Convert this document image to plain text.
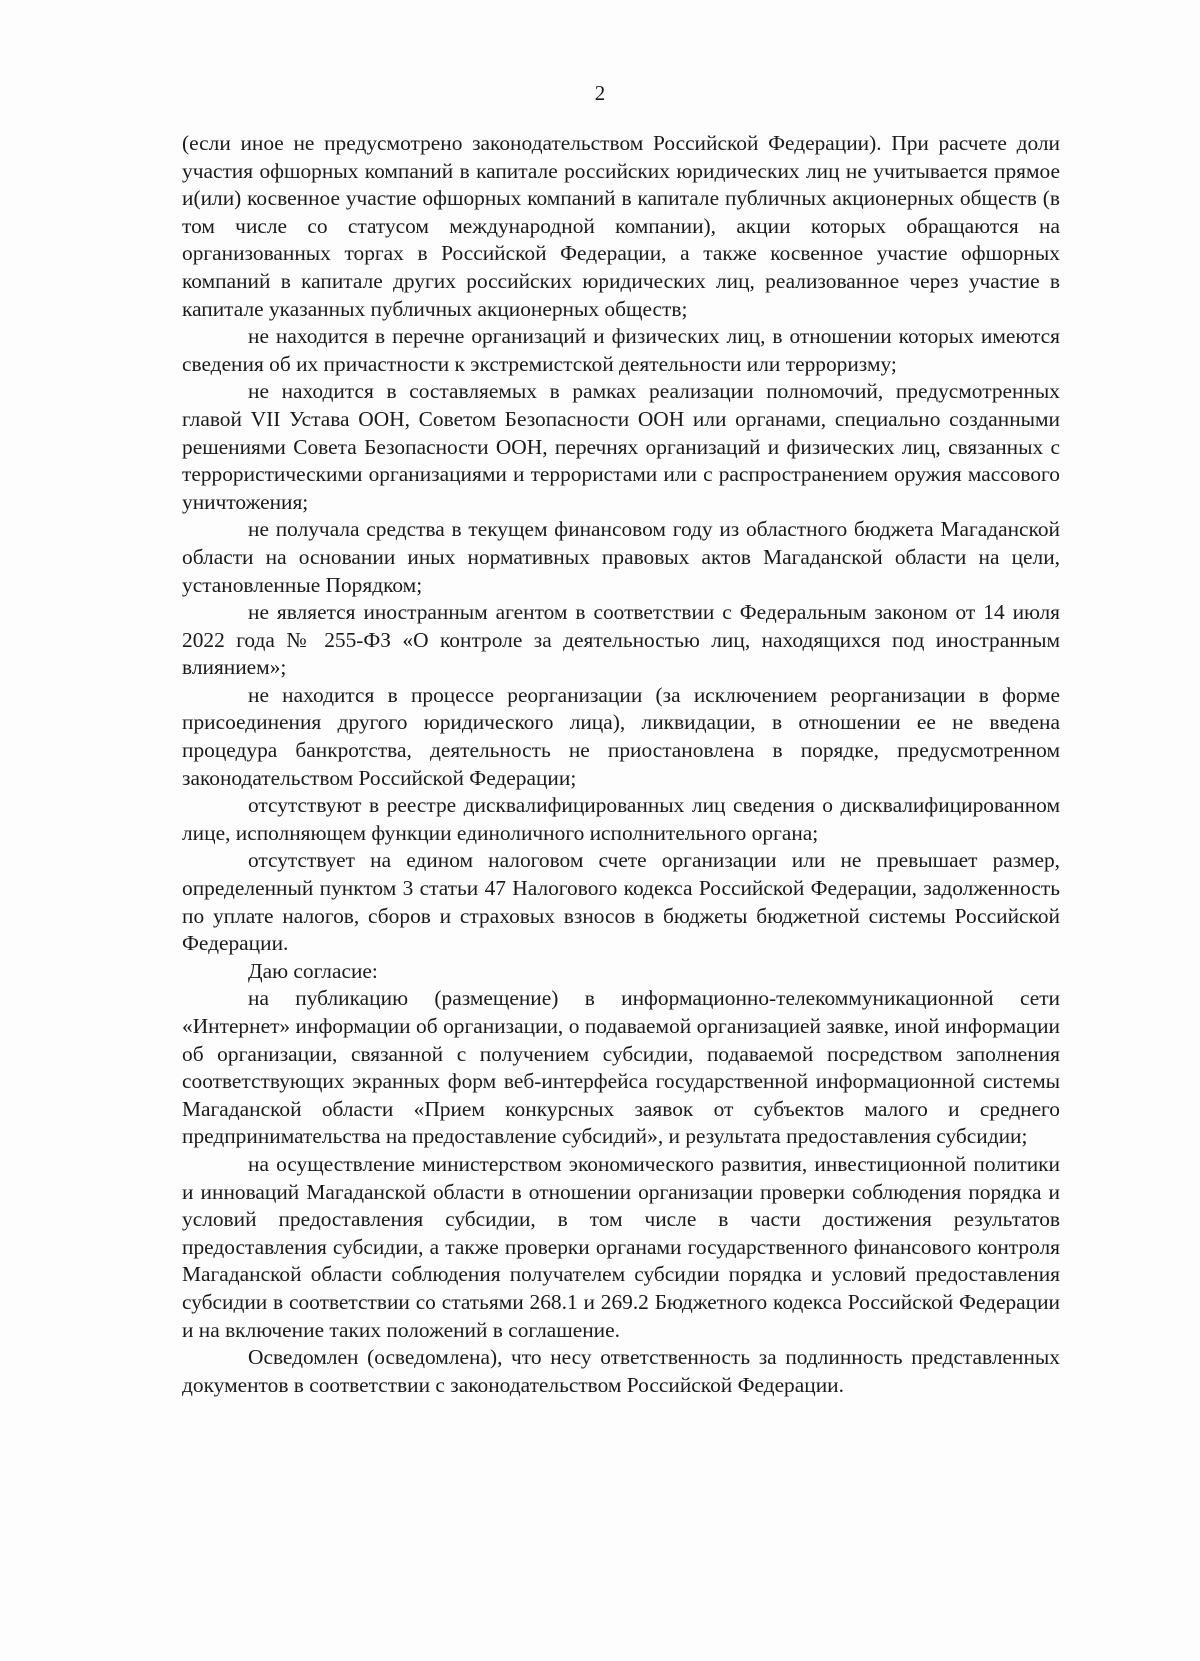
2

(если иное не предусмотрено законодательством Российской Федерации). При расчете доли участия офшорных компаний в капитале российских юридических лиц не учитывается прямое и(или) косвенное участие офшорных компаний в капитале публичных акционерных обществ (в том числе со статусом международной компании), акции которых обращаются на организованных торгах в Российской Федерации, а также косвенное участие офшорных компаний в капитале других российских юридических лиц, реализованное через участие в капитале указанных публичных акционерных обществ;

не находится в перечне организаций и физических лиц, в отношении которых имеются сведения об их причастности к экстремистской деятельности или терроризму;

не находится в составляемых в рамках реализации полномочий, предусмотренных главой VII Устава ООН, Советом Безопасности ООН или органами, специально созданными решениями Совета Безопасности ООН, перечнях организаций и физических лиц, связанных с террористическими организациями и террористами или с распространением оружия массового уничтожения;

не получала средства в текущем финансовом году из областного бюджета Магаданской области на основании иных нормативных правовых актов Магаданской области на цели, установленные Порядком;

не является иностранным агентом в соответствии с Федеральным законом от 14 июля 2022 года № 255-ФЗ «О контроле за деятельностью лиц, находящихся под иностранным влиянием»;

не находится в процессе реорганизации (за исключением реорганизации в форме присоединения другого юридического лица), ликвидации, в отношении ее не введена процедура банкротства, деятельность не приостановлена в порядке, предусмотренном законодательством Российской Федерации;

отсутствуют в реестре дисквалифицированных лиц сведения о дисквалифицированном лице, исполняющем функции единоличного исполнительного органа;

отсутствует на едином налоговом счете организации или не превышает размер, определенный пунктом 3 статьи 47 Налогового кодекса Российской Федерации, задолженность по уплате налогов, сборов и страховых взносов в бюджеты бюджетной системы Российской Федерации.

Даю согласие:

на публикацию (размещение) в информационно-телекоммуникационной сети «Интернет» информации об организации, о подаваемой организацией заявке, иной информации об организации, связанной с получением субсидии, подаваемой посредством заполнения соответствующих экранных форм веб-интерфейса государственной информационной системы Магаданской области «Прием конкурсных заявок от субъектов малого и среднего предпринимательства на предоставление субсидий», и результата предоставления субсидии;

на осуществление министерством экономического развития, инвестиционной политики и инноваций Магаданской области в отношении организации проверки соблюдения порядка и условий предоставления субсидии, в том числе в части достижения результатов предоставления субсидии, а также проверки органами государственного финансового контроля Магаданской области соблюдения получателем субсидии порядка и условий предоставления субсидии в соответствии со статьями 268.1 и 269.2 Бюджетного кодекса Российской Федерации и на включение таких положений в соглашение.

Осведомлен (осведомлена), что несу ответственность за подлинность представленных документов в соответствии с законодательством Российской Федерации.
